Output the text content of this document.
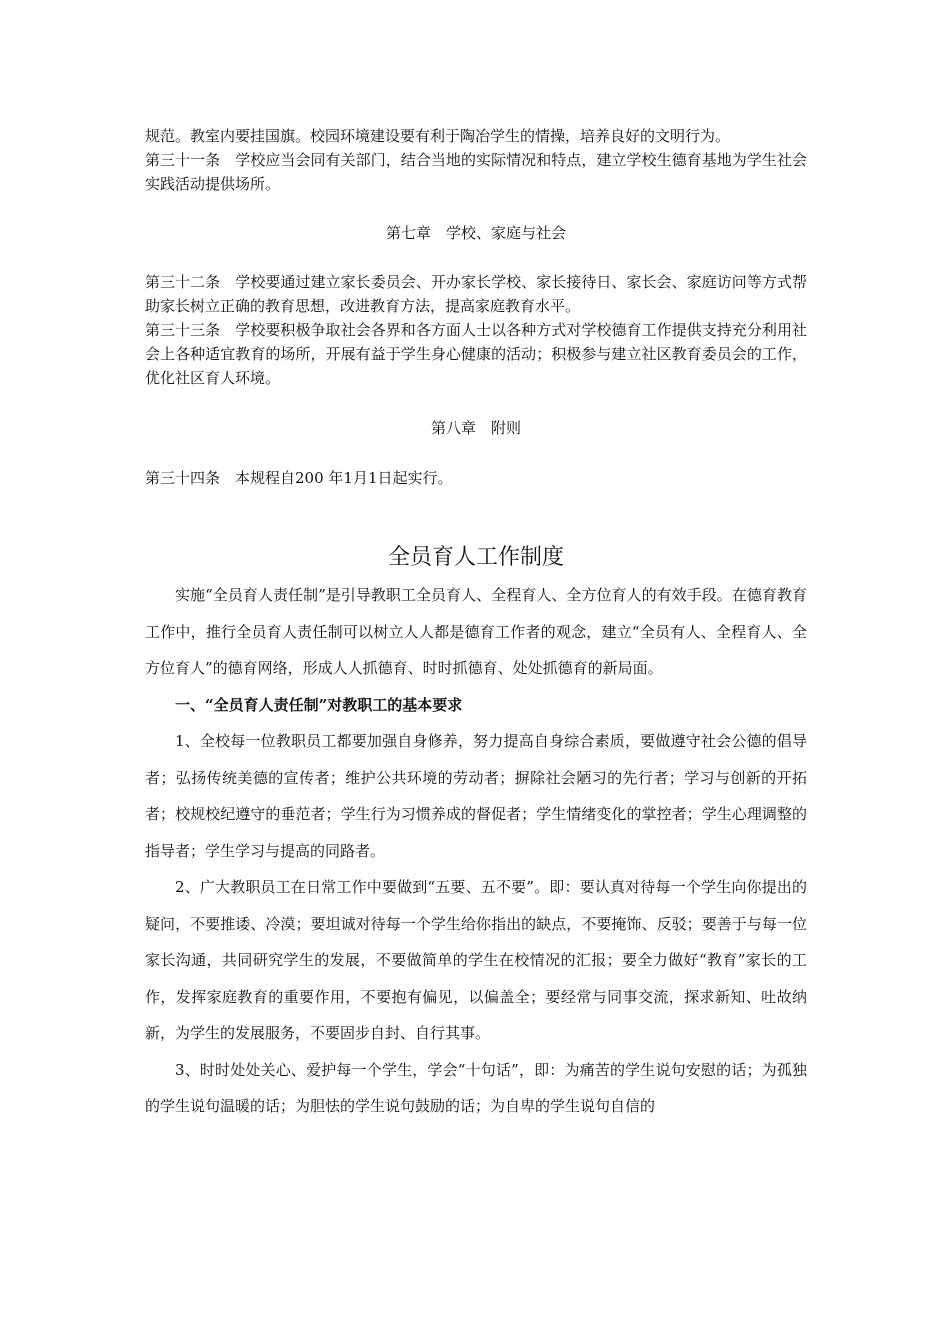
规范。教室内要挂国旗。校园环境建设要有利于陶冶学生的情操，培养良好的文明行为。

第三十一条　学校应当会同有关部门，结合当地的实际情况和特点，建立学校生德育基地为学生社会实践活动提供场所。

第七章　学校、家庭与社会

第三十二条　学校要通过建立家长委员会、开办家长学校、家长接待日、家长会、家庭访问等方式帮助家长树立正确的教育思想，改进教育方法，提高家庭教育水平。

第三十三条　学校要积极争取社会各界和各方面人士以各种方式对学校德育工作提供支持充分利用社会上各种适宜教育的场所，开展有益于学生身心健康的活动；积极参与建立社区教育委员会的工作，优化社区育人环境。

第八章　附则

第三十四条　本规程自200 年1月1日起实行。

全员育人工作制度

实施“全员育人责任制”是引导教职工全员育人、全程育人、全方位育人的有效手段。在德育教育工作中，推行全员育人责任制可以树立人人都是德育工作者的观念，建立“全员有人、全程育人、全方位育人”的德育网络，形成人人抓德育、时时抓德育、处处抓德育的新局面。

一、“全员育人责任制”对教职工的基本要求

1、全校每一位教职员工都要加强自身修养，努力提高自身综合素质，要做遵守社会公德的倡导者；弘扬传统美德的宣传者；维护公共环境的劳动者；摒除社会陋习的先行者；学习与创新的开拓者；校规校纪遵守的垂范者；学生行为习惯养成的督促者；学生情绪变化的掌控者；学生心理调整的指导者；学生学习与提高的同路者。

2、广大教职员工在日常工作中要做到“五要、五不要”。即：要认真对待每一个学生向你提出的疑问，不要推诿、冷漠；要坦诚对待每一个学生给你指出的缺点，不要掩饰、反驳；要善于与每一位家长沟通，共同研究学生的发展，不要做简单的学生在校情况的汇报；要全力做好“教育”家长的工作，发挥家庭教育的重要作用，不要抱有偏见，以偏盖全；要经常与同事交流，探求新知、吐故纳新，为学生的发展服务，不要固步自封、自行其事。

3、时时处处关心、爱护每一个学生，学会“十句话”，即：为痛苦的学生说句安慰的话；为孤独的学生说句温暖的话；为胆怯的学生说句鼓励的话；为自卑的学生说句自信的
